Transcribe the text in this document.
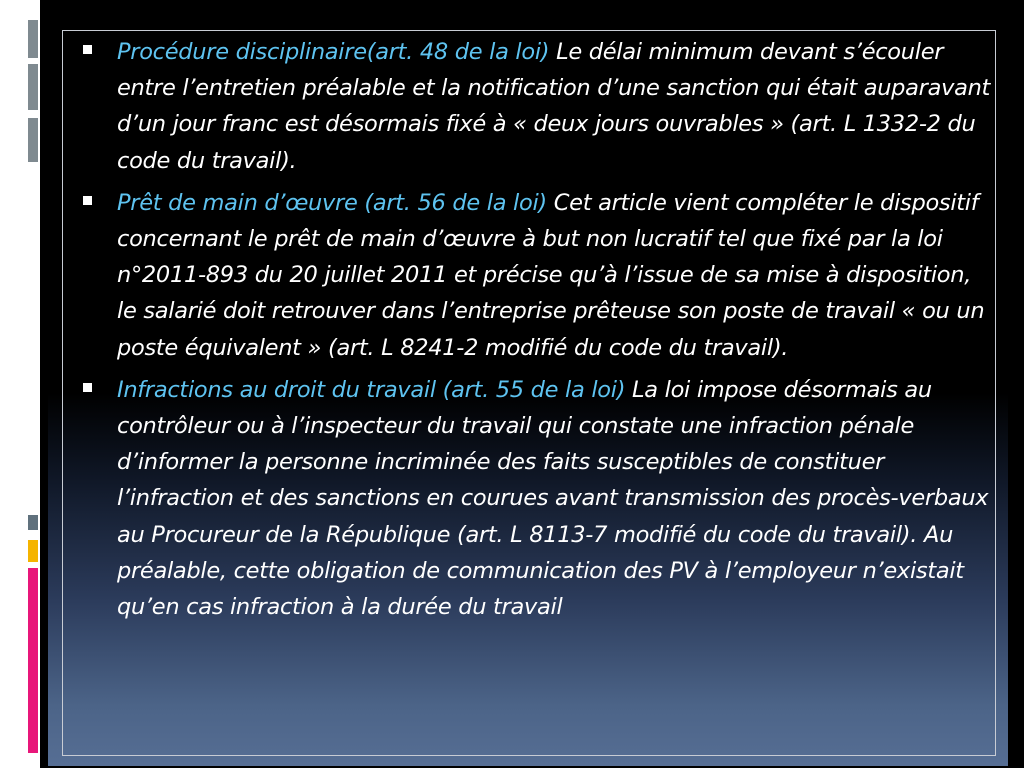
Procédure disciplinaire(art. 48 de la loi) Le délai minimum devant s’écouler entre l’entretien préalable et la notification d’une sanction qui était auparavant d’un jour franc est désormais fixé à « deux jours ouvrables » (art. L 1332-2 du code du travail).
Prêt de main d’œuvre (art. 56 de la loi) Cet article vient compléter le dispositif concernant le prêt de main d’œuvre à but non lucratif tel que fixé par la loi n°2011-893 du 20 juillet 2011 et précise qu’à l’issue de sa mise à disposition, le salarié doit retrouver dans l’entreprise prêteuse son poste de travail « ou un poste équivalent » (art. L 8241-2 modifié du code du travail).
Infractions au droit du travail (art. 55 de la loi) La loi impose désormais au contrôleur ou à l’inspecteur du travail qui constate une infraction pénale d’informer la personne incriminée des faits susceptibles de constituer l’infraction et des sanctions en courues avant transmission des procès-verbaux au Procureur de la République (art. L 8113-7 modifié du code du travail). Au préalable, cette obligation de communication des PV à l’employeur n’existait qu’en cas infraction à la durée du travail
